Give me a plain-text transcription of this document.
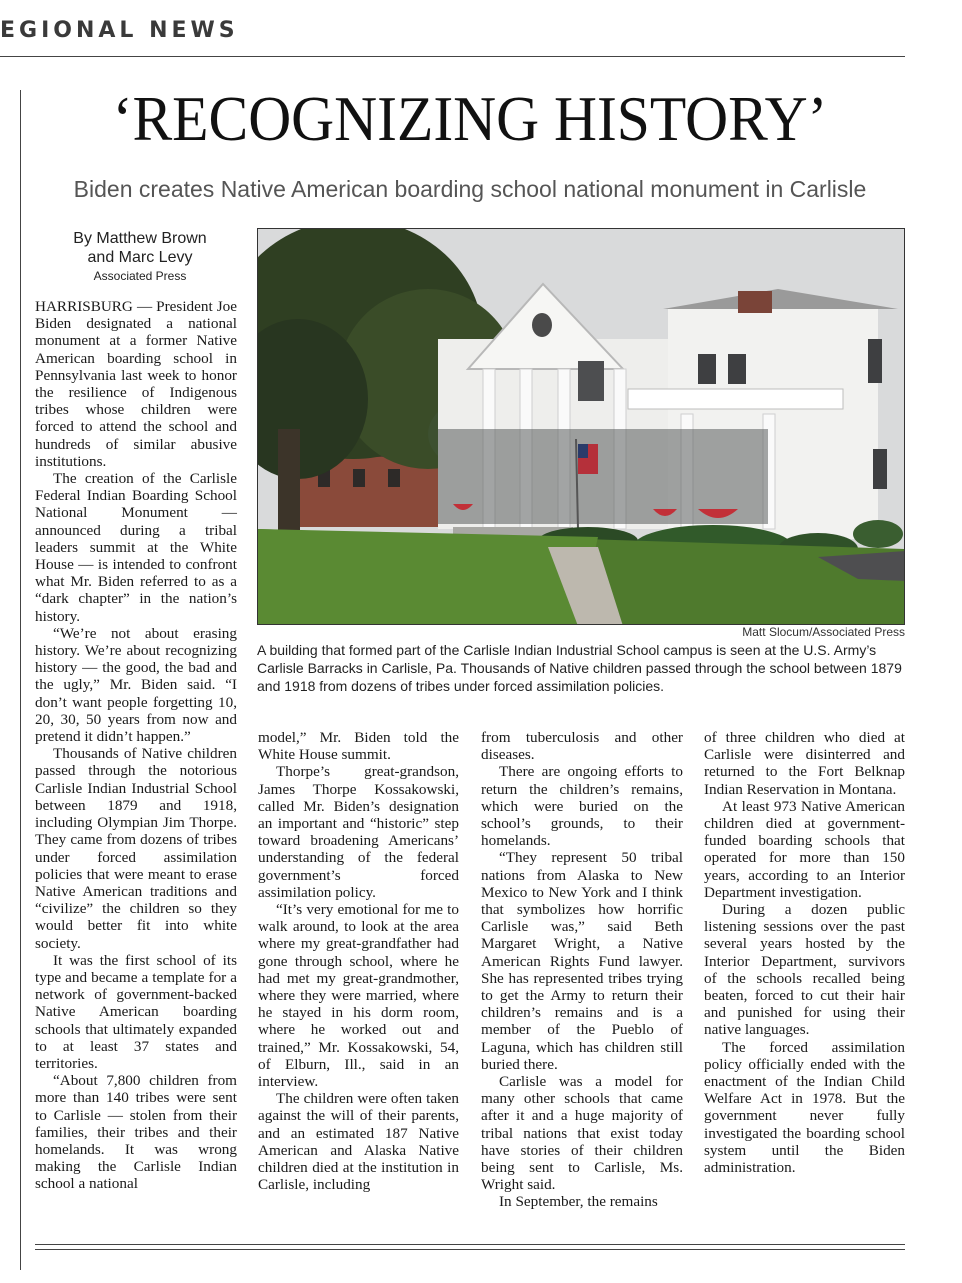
EGIONAL NEWS
‘RECOGNIZING HISTORY’
Biden creates Native American boarding school national monument in Carlisle
By Matthew Brown
and Marc Levy
Associated Press
Matt Slocum/Associated Press
A building that formed part of the Carlisle Indian Industrial School campus is seen at the U.S. Army’s Carlisle Barracks in Carlisle, Pa. Thousands of Native children passed through the school between 1879 and 1918 from dozens of tribes under forced assimilation policies.

HARRISBURG — President Joe Biden designated a national monument at a former Native American boarding school in Pennsylvania last week to honor the resilience of Indigenous tribes whose children were forced to attend the school and hundreds of similar abusive institutions.

The creation of the Carlisle Federal Indian Boarding School National Monument — announced during a tribal leaders summit at the White House — is intended to confront what Mr. Biden referred to as a “dark chapter” in the nation’s history.

“We’re not about erasing history. We’re about recognizing history — the good, the bad and the ugly,” Mr. Biden said. “I don’t want people forgetting 10, 20, 30, 50 years from now and pretend it didn’t happen.”

Thousands of Native children passed through the notorious Carlisle Indian Industrial School between 1879 and 1918, including Olympian Jim Thorpe. They came from dozens of tribes under forced assimilation policies that were meant to erase Native American traditions and “civilize” the children so they would better fit into white society.

It was the first school of its type and became a template for a network of government-backed Native American boarding schools that ultimately expanded to at least 37 states and territories.

“About 7,800 children from more than 140 tribes were sent to Carlisle — stolen from their families, their tribes and their homelands. It was wrong making the Carlisle Indian school a national

model,” Mr. Biden told the White House summit.

Thorpe’s great-grandson, James Thorpe Kossakowski, called Mr. Biden’s designation an important and “historic” step toward broadening Americans’ understanding of the federal government’s forced assimilation policy.

“It’s very emotional for me to walk around, to look at the area where my great-grandfather had gone through school, where he had met my great-grandmother, where they were married, where he stayed in his dorm room, where he worked out and trained,” Mr. Kossakowski, 54, of Elburn, Ill., said in an interview.

The children were often taken against the will of their parents, and an estimated 187 Native American and Alaska Native children died at the institution in Carlisle, including

from tuberculosis and other diseases.

There are ongoing efforts to return the children’s remains, which were buried on the school’s grounds, to their homelands.

“They represent 50 tribal nations from Alaska to New Mexico to New York and I think that symbolizes how horrific Carlisle was,” said Beth Margaret Wright, a Native American Rights Fund lawyer. She has represented tribes trying to get the Army to return their children’s remains and is a member of the Pueblo of Laguna, which has children still buried there.

Carlisle was a model for many other schools that came after it and a huge majority of tribal nations that exist today have stories of their children being sent to Carlisle, Ms. Wright said.

In September, the remains

of three children who died at Carlisle were disinterred and returned to the Fort Belknap Indian Reservation in Montana.

At least 973 Native American children died at government-funded boarding schools that operated for more than 150 years, according to an Interior Department investigation.

During a dozen public listening sessions over the past several years hosted by the Interior Department, survivors of the schools recalled being beaten, forced to cut their hair and punished for using their native languages.

The forced assimilation policy officially ended with the enactment of the Indian Child Welfare Act in 1978. But the government never fully investigated the boarding school system until the Biden administration.
